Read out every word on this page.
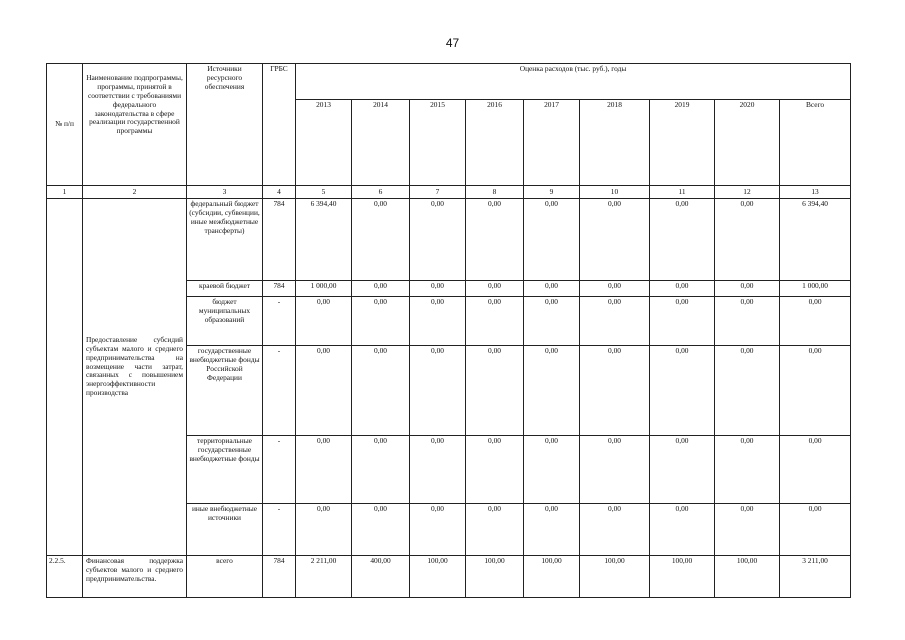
47
№ п/п	Наименование подпрограммы, программы, принятой в соответствии с требованиями федерального законодательства в сфере реализации государственной программы	Источники ресурсного обеспечения	ГРБС	Оценка расходов (тыс. руб.), годы								
				2013	2014	2015	2016	2017	2018	2019	2020	Всего
1	2	3	4	5	6	7	8	9	10	11	12	13
	Предоставление субсидий субъектам малого и среднего предпринимательства на возмещение части затрат, связанных с повышением энергоэффективности производства	федеральный бюджет (субсидии, субвенции, иные межбюджетные трансферты)	784	6 394,40	0,00	0,00	0,00	0,00	0,00	0,00	0,00	6 394,40
		краевой бюджет	784	1 000,00	0,00	0,00	0,00	0,00	0,00	0,00	0,00	1 000,00
		бюджет муниципальных образований	-	0,00	0,00	0,00	0,00	0,00	0,00	0,00	0,00	0,00
		государственные внебюджетные фонды Российской Федерации	-	0,00	0,00	0,00	0,00	0,00	0,00	0,00	0,00	0,00
		территориальные государственные внебюджетные фонды	-	0,00	0,00	0,00	0,00	0,00	0,00	0,00	0,00	0,00
		иные внебюджетные источники	-	0,00	0,00	0,00	0,00	0,00	0,00	0,00	0,00	0,00
2.2.5.	Финансовая поддержка субъектов малого и среднего предпринимательства.	всего	784	2 211,00	400,00	100,00	100,00	100,00	100,00	100,00	100,00	3 211,00
